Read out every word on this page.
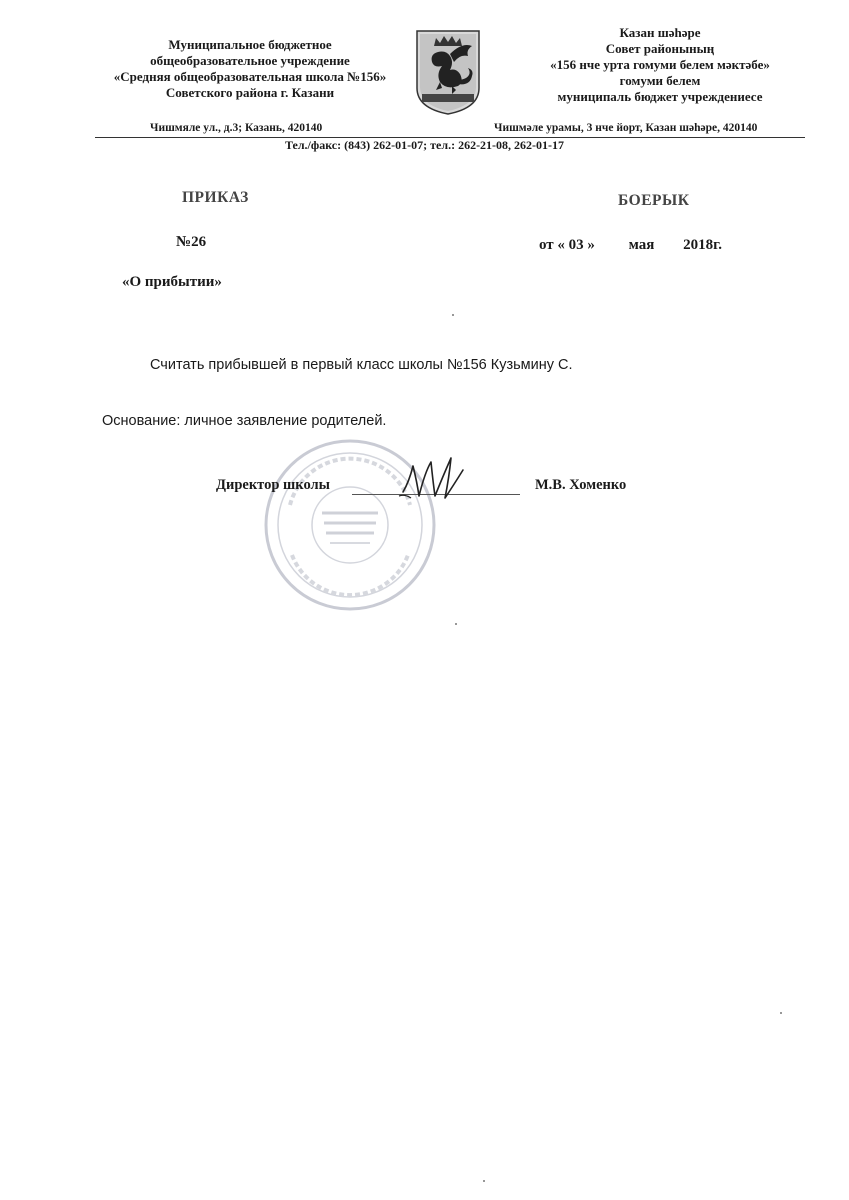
Муниципальное бюджетное
общеобразовательное учреждение
«Средняя общеобразовательная школа №156»
Советского района г. Казани
Казан шәһәре
Совет районының
«156 нче урта гомуми белем мәктәбе»
гомуми белем
муниципаль бюджет учреждениесе
Чишмяле ул., д.3; Казань, 420140	Чишмәле урамы, 3 нче йорт, Казан шәһәре, 420140
Тел./факс: (843) 262-01-07; тел.: 262-21-08, 262-01-17
ПРИКАЗ	БОЕРЫК
№26	от « 03 » мая 2018г.
«О прибытии»
Считать прибывшей в первый класс школы №156 Кузьмину С.
Основание: личное заявление родителей.
Директор школы	М.В. Хоменко
